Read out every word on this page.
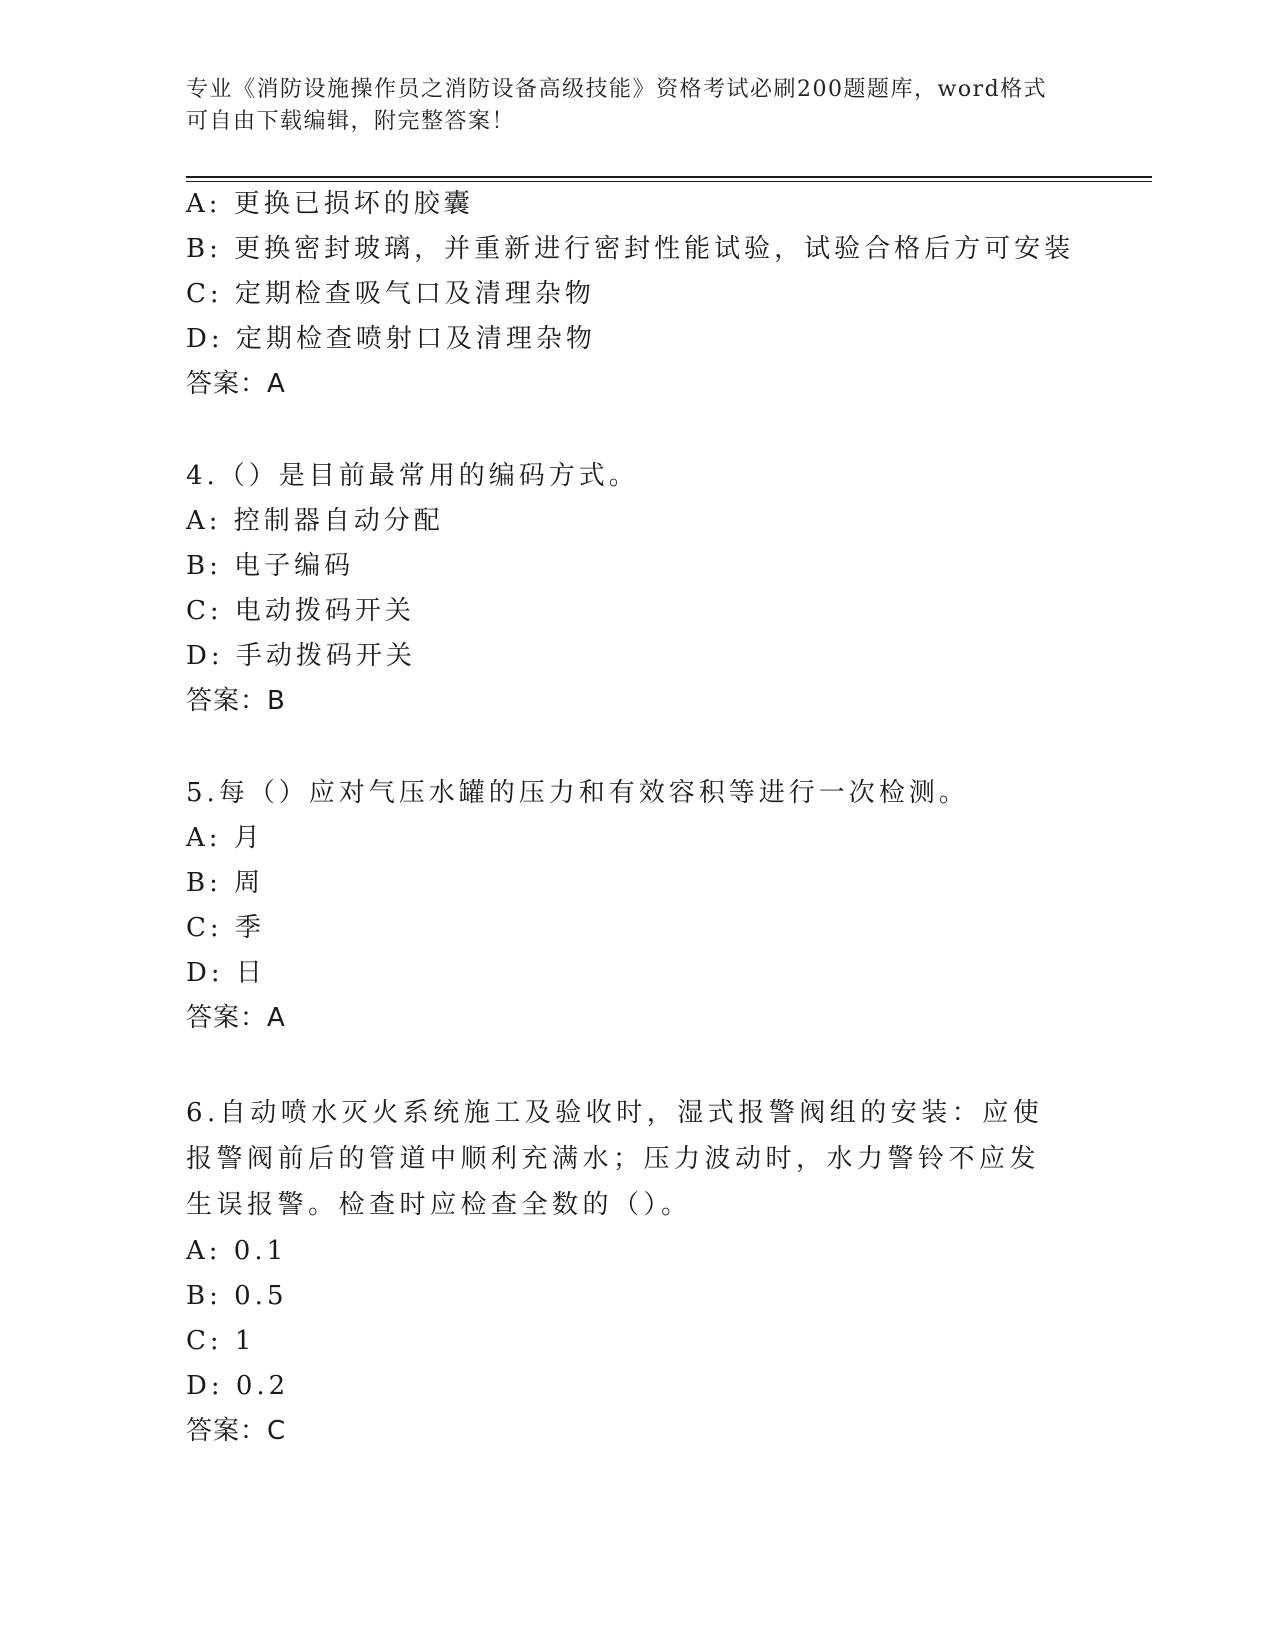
专业《消防设施操作员之消防设备高级技能》资格考试必刷200题题库，word格式可自由下载编辑，附完整答案！
A: 更换已损坏的胶囊
B: 更换密封玻璃，并重新进行密封性能试验，试验合格后方可安装
C: 定期检查吸气口及清理杂物
D: 定期检查喷射口及清理杂物
答案：A
4.（）是目前最常用的编码方式。
A: 控制器自动分配
B: 电子编码
C: 电动拨码开关
D: 手动拨码开关
答案：B
5.每（）应对气压水罐的压力和有效容积等进行一次检测。
A: 月
B: 周
C: 季
D: 日
答案：A
6.自动喷水灭火系统施工及验收时，湿式报警阀组的安装：应使报警阀前后的管道中顺利充满水；压力波动时，水力警铃不应发生误报警。检查时应检查全数的（）。
A: 0.1
B: 0.5
C: 1
D: 0.2
答案：C
